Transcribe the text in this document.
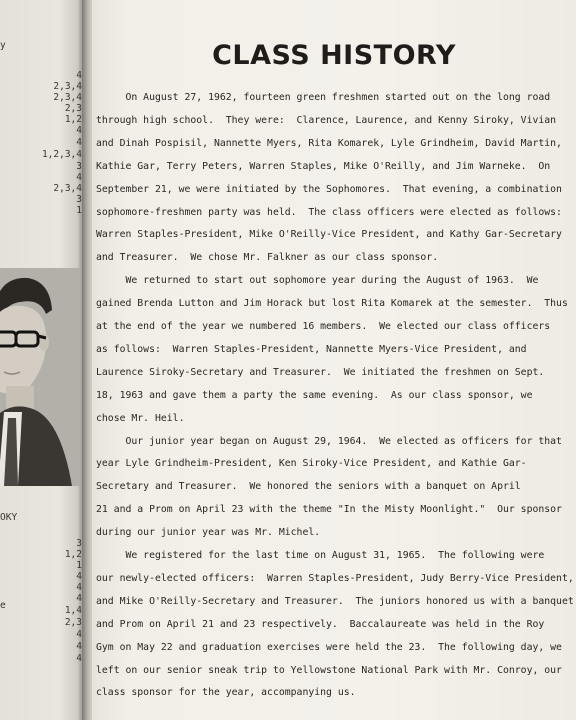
y
4
2,3,4
2,3,4
2,3
1,2
4
4
1,2,3,4
3
4
2,3,4
3
1
OKY
3
1,2
1
4
4
4
1,4
2,3
4
4
4
e
CLASS HISTORY
On August 27, 1962, fourteen green freshmen started out on the long road
through high school.  They were:  Clarence, Laurence, and Kenny Siroky, Vivian
and Dinah Pospisil, Nannette Myers, Rita Komarek, Lyle Grindheim, David Martin,
Kathie Gar, Terry Peters, Warren Staples, Mike O'Reilly, and Jim Warneke.  On
September 21, we were initiated by the Sophomores.  That evening, a combination
sophomore-freshmen party was held.  The class officers were elected as follows:
Warren Staples-President, Mike O'Reilly-Vice President, and Kathy Gar-Secretary
and Treasurer.  We chose Mr. Falkner as our class sponsor.
We returned to start out sophomore year during the August of 1963.  We
gained Brenda Lutton and Jim Horack but lost Rita Komarek at the semester.  Thus
at the end of the year we numbered 16 members.  We elected our class officers
as follows:  Warren Staples-President, Nannette Myers-Vice President, and
Laurence Siroky-Secretary and Treasurer.  We initiated the freshmen on Sept.
18, 1963 and gave them a party the same evening.  As our class sponsor, we
chose Mr. Heil.
Our junior year began on August 29, 1964.  We elected as officers for that
year Lyle Grindheim-President, Ken Siroky-Vice President, and Kathie Gar-
Secretary and Treasurer.  We honored the seniors with a banquet on April
21 and a Prom on April 23 with the theme "In the Misty Moonlight."  Our sponsor
during our junior year was Mr. Michel.
We registered for the last time on August 31, 1965.  The following were
our newly-elected officers:  Warren Staples-President, Judy Berry-Vice President,
and Mike O'Reilly-Secretary and Treasurer.  The juniors honored us with a banquet
and Prom on April 21 and 23 respectively.  Baccalaureate was held in the Roy
Gym on May 22 and graduation exercises were held the 23.  The following day, we
left on our senior sneak trip to Yellowstone National Park with Mr. Conroy, our
class sponsor for the year, accompanying us.
